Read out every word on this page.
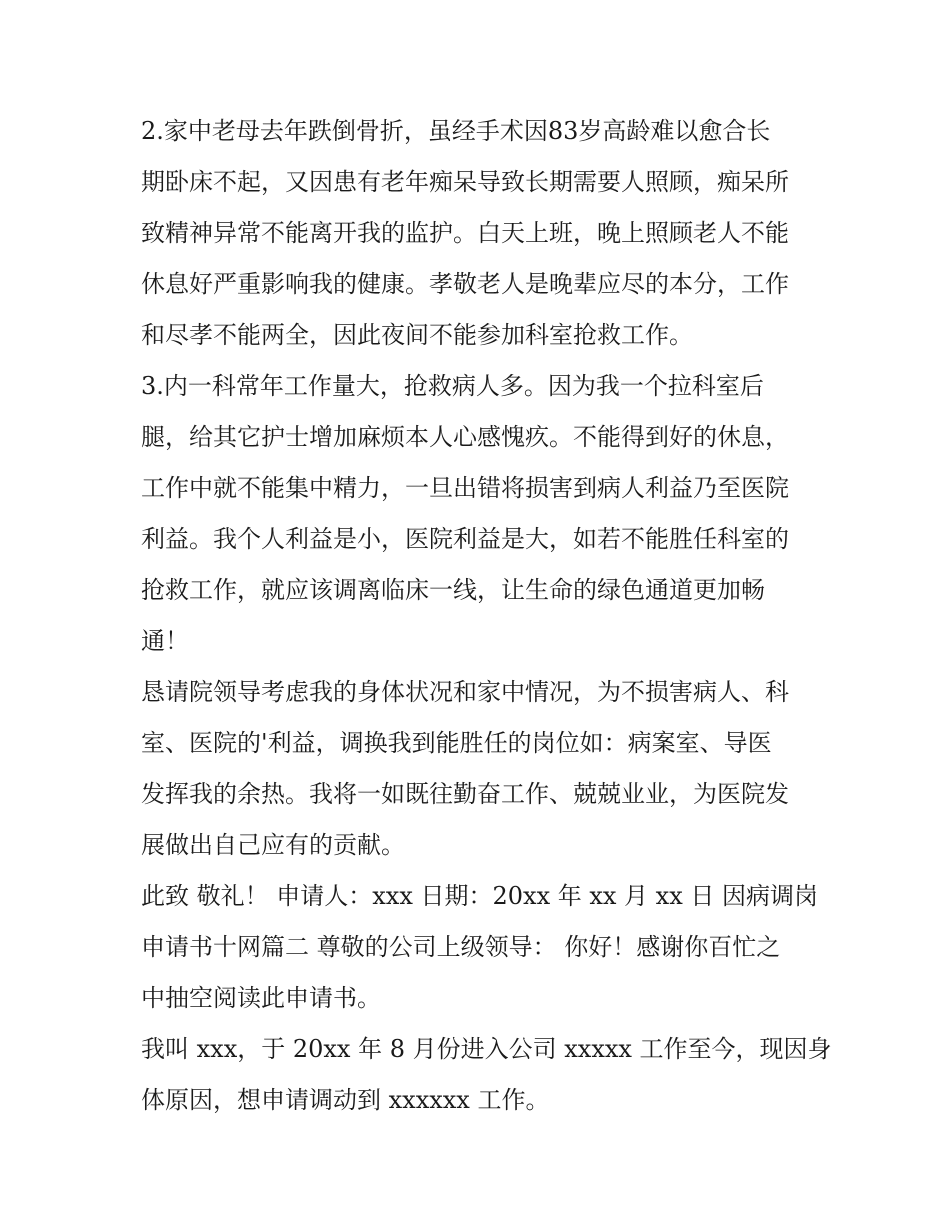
2.家中老母去年跌倒骨折，虽经手术因83岁高龄难以愈合长
期卧床不起，又因患有老年痴呆导致长期需要人照顾，痴呆所
致精神异常不能离开我的监护。白天上班，晚上照顾老人不能
休息好严重影响我的健康。孝敬老人是晚辈应尽的本分，工作
和尽孝不能两全，因此夜间不能参加科室抢救工作。

3.内一科常年工作量大，抢救病人多。因为我一个拉科室后
腿，给其它护士增加麻烦本人心感愧疚。不能得到好的休息，
工作中就不能集中精力，一旦出错将损害到病人利益乃至医院
利益。我个人利益是小，医院利益是大，如若不能胜任科室的
抢救工作，就应该调离临床一线，让生命的绿色通道更加畅
通！

恳请院领导考虑我的身体状况和家中情况，为不损害病人、科
室、医院的'利益，调换我到能胜任的岗位如：病案室、导医
发挥我的余热。我将一如既往勤奋工作、兢兢业业，为医院发
展做出自己应有的贡献。

此致 敬礼！ 申请人：xxx 日期：20xx 年 xx 月 xx 日 因病调岗
申请书十网篇二 尊敬的公司上级领导： 你好！感谢你百忙之
中抽空阅读此申请书。

我叫 xxx，于 20xx 年 8 月份进入公司 xxxxx 工作至今，现因身
体原因，想申请调动到 xxxxxx 工作。
